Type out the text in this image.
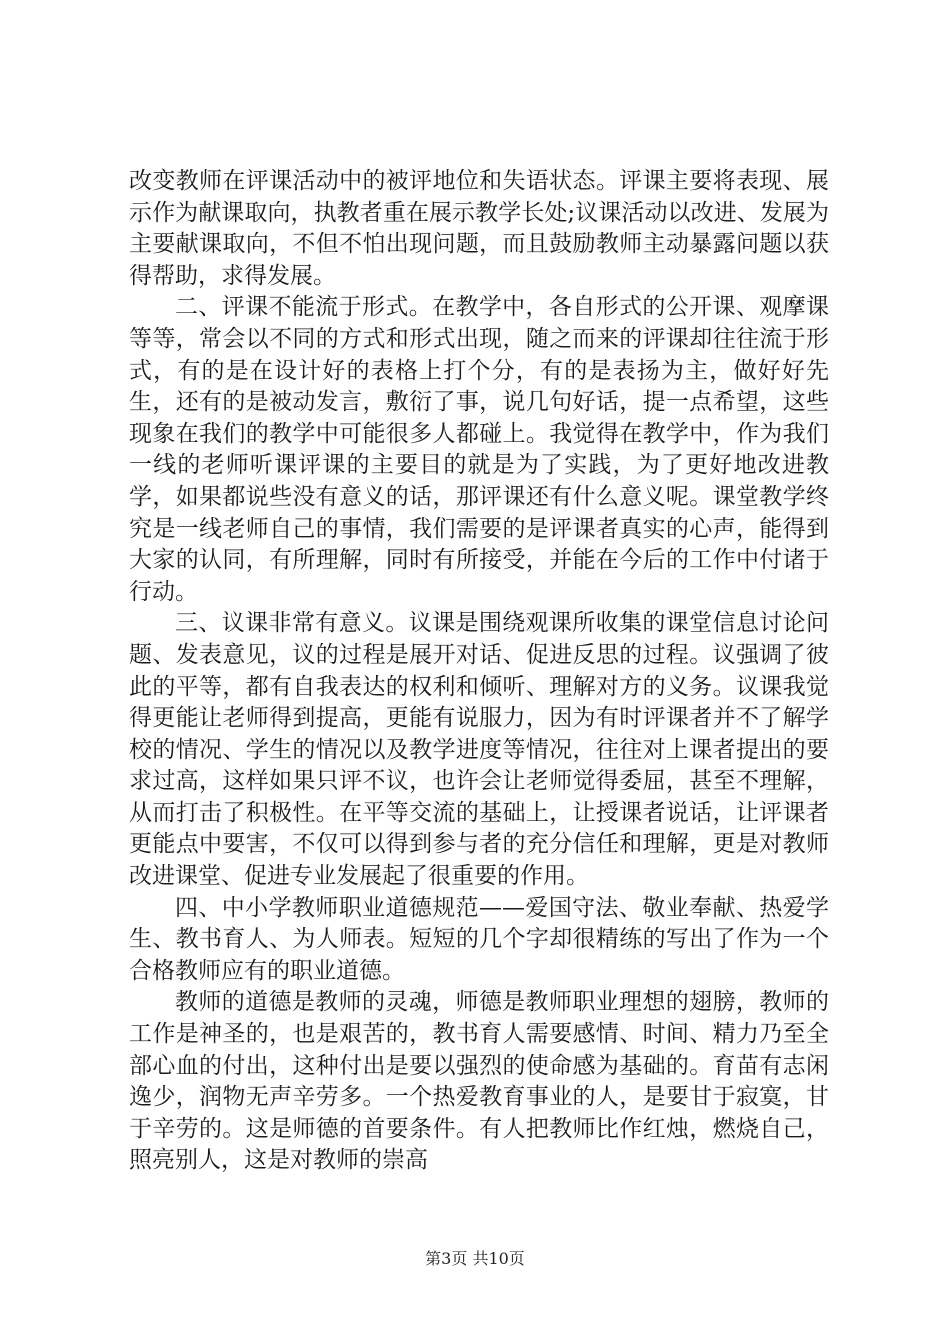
改变教师在评课活动中的被评地位和失语状态。评课主要将表现、展示作为献课取向，执教者重在展示教学长处;议课活动以改进、发展为主要献课取向，不但不怕出现问题，而且鼓励教师主动暴露问题以获得帮助，求得发展。

二、评课不能流于形式。在教学中，各自形式的公开课、观摩课等等，常会以不同的方式和形式出现，随之而来的评课却往往流于形式，有的是在设计好的表格上打个分，有的是表扬为主，做好好先生，还有的是被动发言，敷衍了事，说几句好话，提一点希望，这些现象在我们的教学中可能很多人都碰上。我觉得在教学中，作为我们一线的老师听课评课的主要目的就是为了实践，为了更好地改进教学，如果都说些没有意义的话，那评课还有什么意义呢。课堂教学终究是一线老师自己的事情，我们需要的是评课者真实的心声，能得到大家的认同，有所理解，同时有所接受，并能在今后的工作中付诸于行动。

三、议课非常有意义。议课是围绕观课所收集的课堂信息讨论问题、发表意见，议的过程是展开对话、促进反思的过程。议强调了彼此的平等，都有自我表达的权利和倾听、理解对方的义务。议课我觉得更能让老师得到提高，更能有说服力，因为有时评课者并不了解学校的情况、学生的情况以及教学进度等情况，往往对上课者提出的要求过高，这样如果只评不议，也许会让老师觉得委屈，甚至不理解，从而打击了积极性。在平等交流的基础上，让授课者说话，让评课者更能点中要害，不仅可以得到参与者的充分信任和理解，更是对教师改进课堂、促进专业发展起了很重要的作用。

四、中小学教师职业道德规范——爱国守法、敬业奉献、热爱学生、教书育人、为人师表。短短的几个字却很精练的写出了作为一个合格教师应有的职业道德。

教师的道德是教师的灵魂，师德是教师职业理想的翅膀，教师的工作是神圣的，也是艰苦的，教书育人需要感情、时间、精力乃至全部心血的付出，这种付出是要以强烈的使命感为基础的。育苗有志闲逸少，润物无声辛劳多。一个热爱教育事业的人，是要甘于寂寞，甘于辛劳的。这是师德的首要条件。有人把教师比作红烛，燃烧自己，照亮别人，这是对教师的崇高

第3页 共10页
